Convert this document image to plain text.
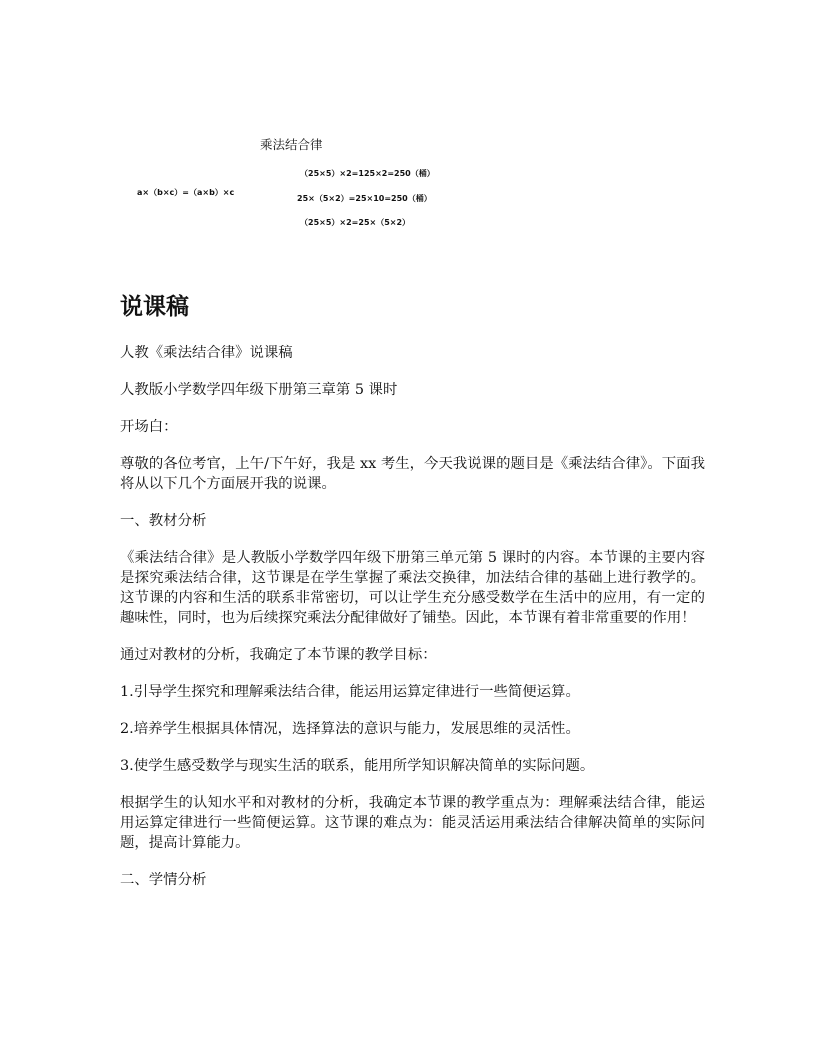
乘法结合律
a×（b×c）=（a×b）×c
（25×5）×2=125×2=250（桶）
25×（5×2）=25×10=250（桶）
（25×5）×2=25×（5×2）
说课稿

人教《乘法结合律》说课稿

人教版小学数学四年级下册第三章第 5 课时

开场白：

尊敬的各位考官，上午/下午好，我是 xx 考生，今天我说课的题目是《乘法结合律》。下面我将从以下几个方面展开我的说课。

一、教材分析

《乘法结合律》是人教版小学数学四年级下册第三单元第 5 课时的内容。本节课的主要内容是探究乘法结合律，这节课是在学生掌握了乘法交换律，加法结合律的基础上进行教学的。这节课的内容和生活的联系非常密切，可以让学生充分感受数学在生活中的应用，有一定的趣味性，同时，也为后续探究乘法分配律做好了铺垫。因此，本节课有着非常重要的作用！

通过对教材的分析，我确定了本节课的教学目标：

1.引导学生探究和理解乘法结合律，能运用运算定律进行一些简便运算。

2.培养学生根据具体情况，选择算法的意识与能力，发展思维的灵活性。

3.使学生感受数学与现实生活的联系，能用所学知识解决简单的实际问题。

根据学生的认知水平和对教材的分析，我确定本节课的教学重点为：理解乘法结合律，能运用运算定律进行一些简便运算。这节课的难点为：能灵活运用乘法结合律解决简单的实际问题，提高计算能力。

二、学情分析
